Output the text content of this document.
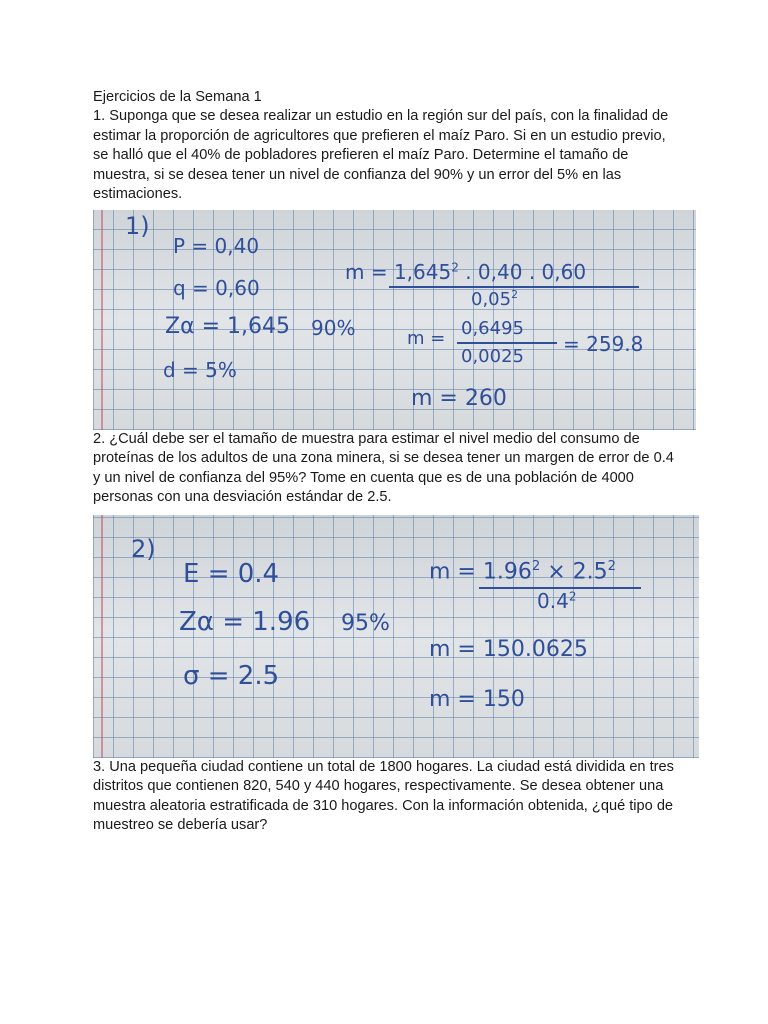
Ejercicios de la Semana 1

1. Suponga que se desea realizar un estudio en la región sur del país, con la finalidad de estimar la proporción de agricultores que prefieren el maíz Paro. Si en un estudio previo, se halló que el 40% de pobladores prefieren el maíz Paro. Determine el tamaño de muestra, si se desea tener un nivel de confianza del 90% y un error del 5% en las estimaciones.

1)
P = 0,40
q = 0,60
Zα = 1,645 90%
d = 5%
$m = 1,645^2$ . 0,40 . 0,60
0,05$^2$
m = 0,6495
0,0025
= 259.8
m = 260

2. ¿Cuál debe ser el tamaño de muestra para estimar el nivel medio del consumo de proteínas de los adultos de una zona minera, si se desea tener un margen de error de 0.4 y un nivel de confianza del 95%? Tome en cuenta que es de una población de 4000 personas con una desviación estándar de 2.5.

2)
E = 0.4
Zα = 1.96 95%
σ = 2.5
$m = 1.96^2 \times 2.5^2$
$0.4^2$
m = 150.0625
m = 150

3. Una pequeña ciudad contiene un total de 1800 hogares. La ciudad está dividida en tres distritos que contienen 820, 540 y 440 hogares, respectivamente. Se desea obtener una muestra aleatoria estratificada de 310 hogares. Con la información obtenida, ¿qué tipo de muestreo se debería usar?
